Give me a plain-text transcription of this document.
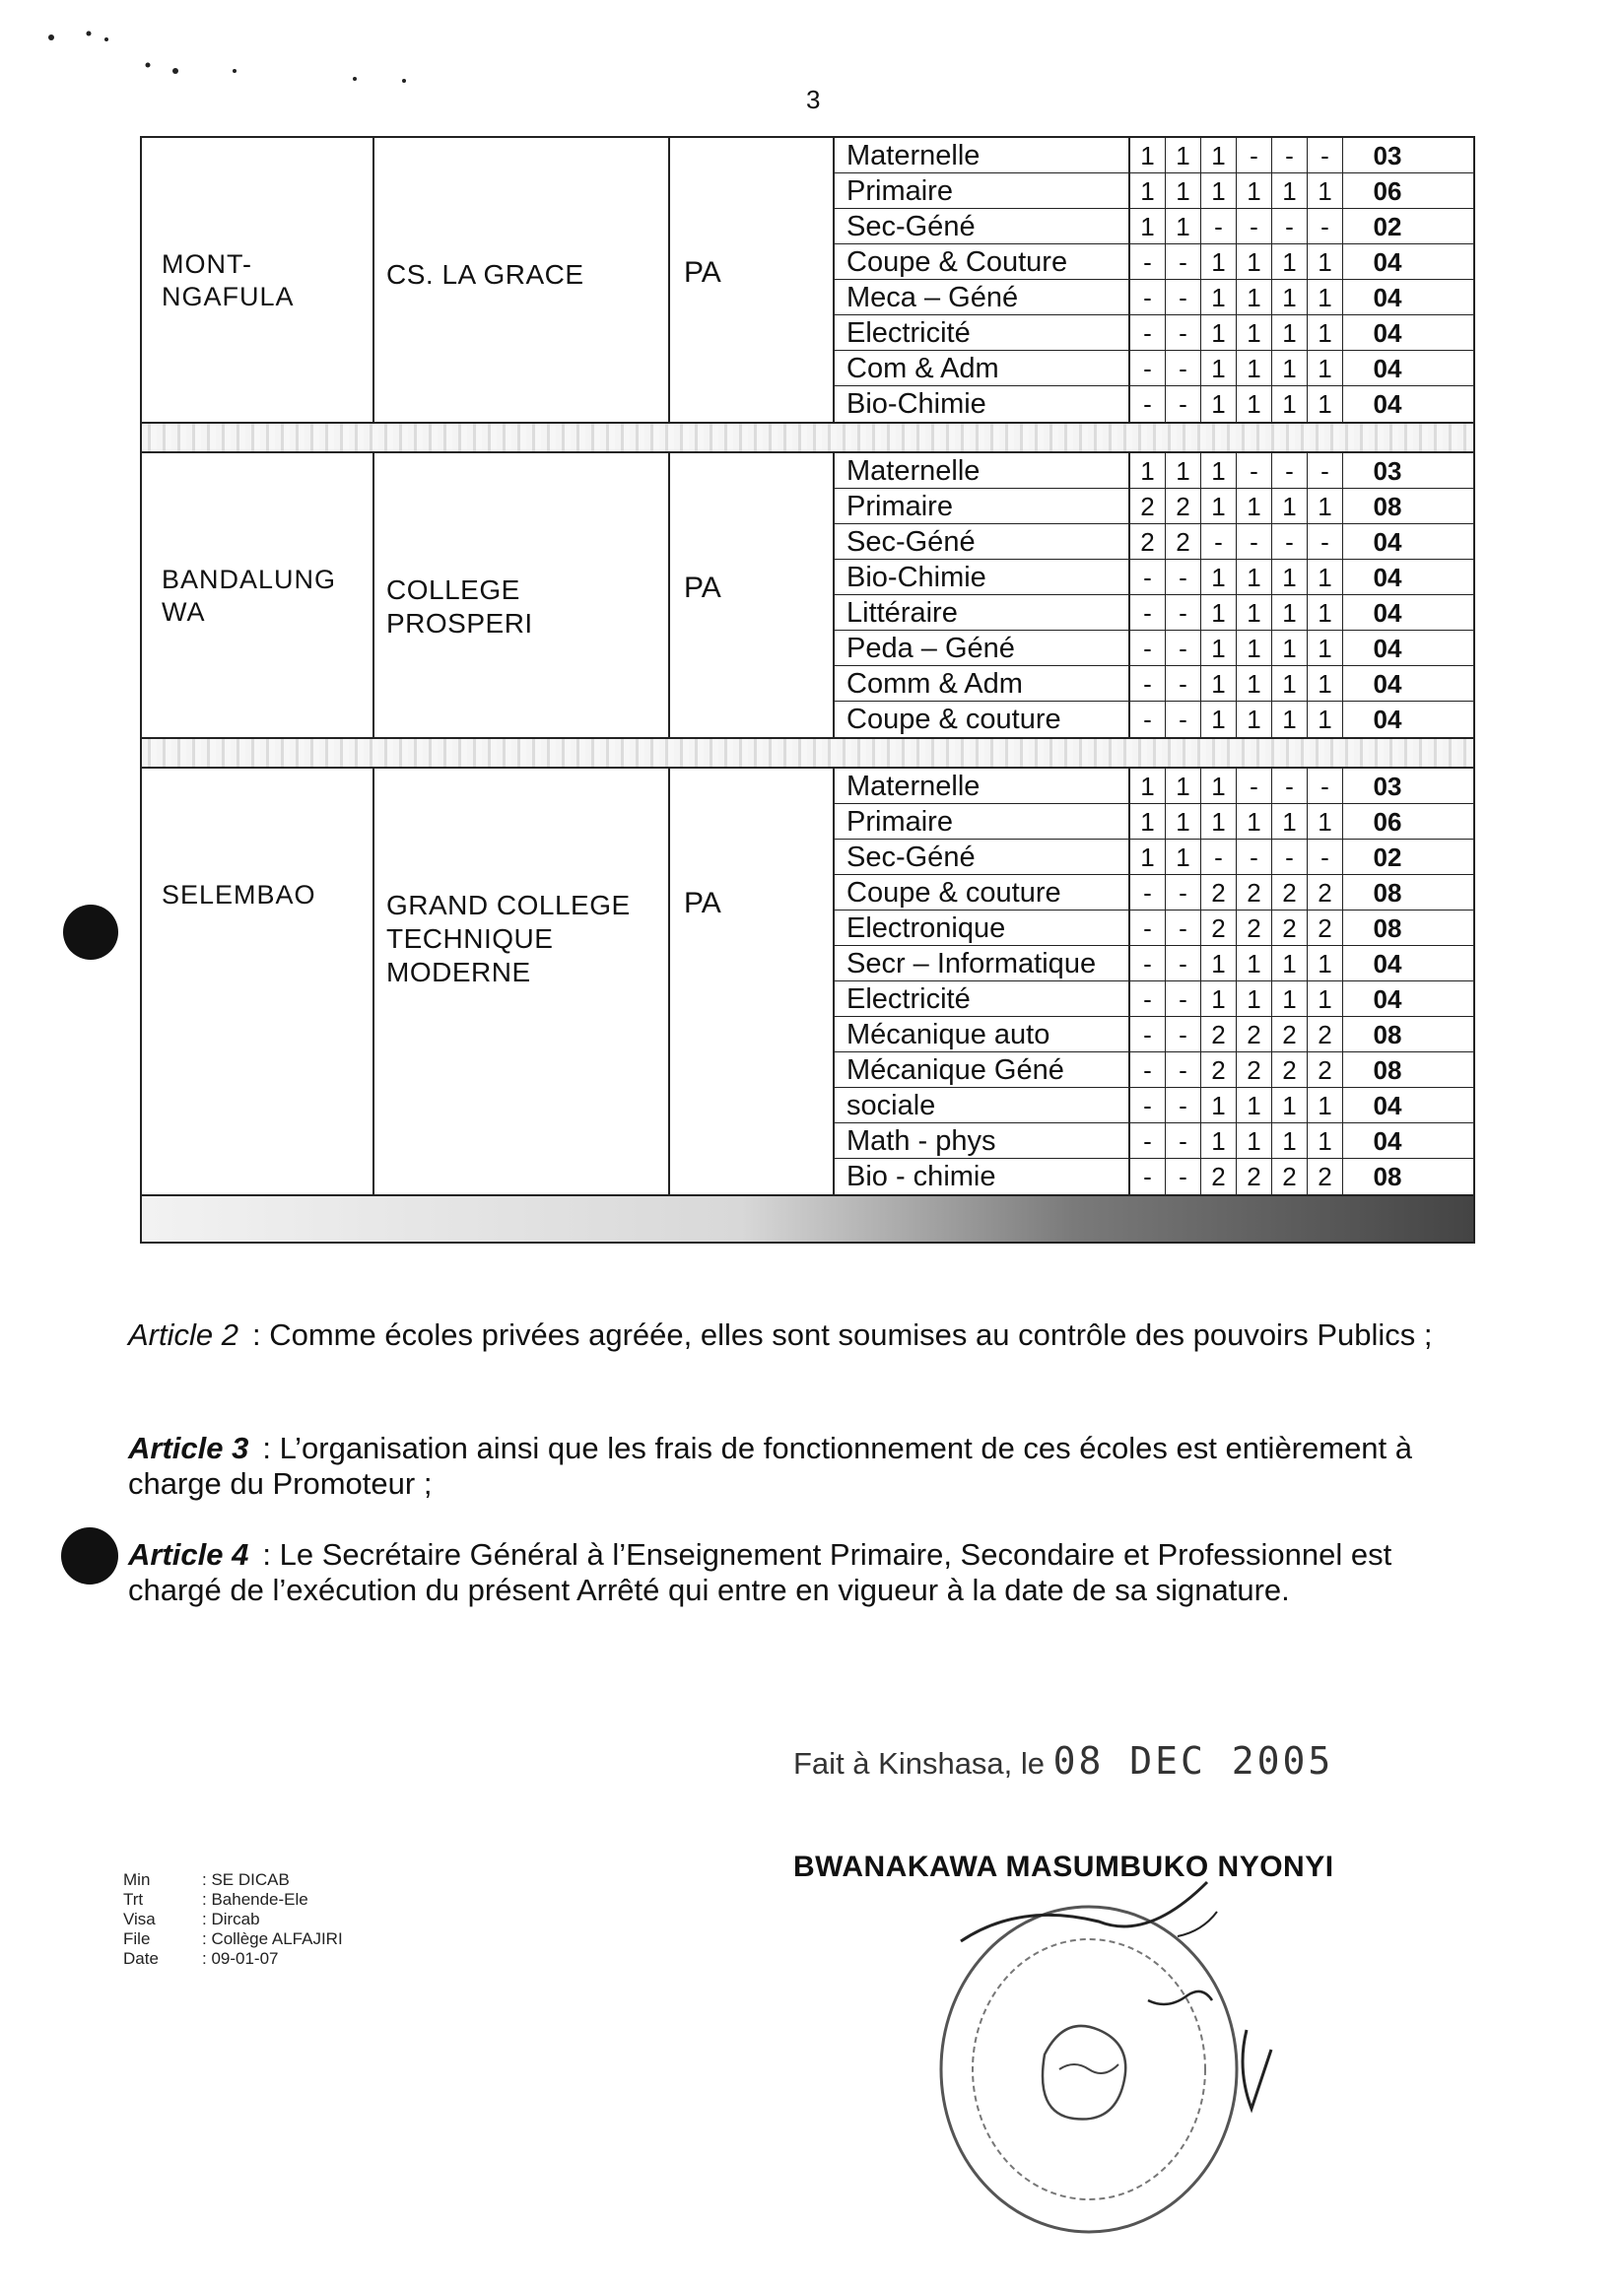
3
MONT-
NGAFULA
CS. LA GRACE	PA
Maternelle	1 1 1 -	-	-	03
Primaire	1 1 1 1 1 1	06
Sec-Géné	1 1 -	-	-	-	02
Coupe & Couture	-	- 1 1 1 1	04
Meca – Géné	-	- 1 1 1 1	04
Electricité	-	- 1 1 1 1	04
Com & Adm	-	- 1 1 1 1	04
Bio-Chimie	-	- 1 1 1 1	04
BANDALUNG
WA
COLLEGE
PROSPERI
PA
Maternelle	1 1 1 -	-	-	03
Primaire	2 2 1 1 1 1	08
Sec-Géné	2 2 -	-	-	-	04
Bio-Chimie	-	- 1 1 1 1	04
Littéraire	-	- 1 1 1 1	04
Peda – Géné	-	- 1 1 1 1	04
Comm & Adm	-	- 1 1 1 1	04
Coupe & couture	-	- 1 1 1 1	04
SELEMBAO	GRAND COLLEGE
TECHNIQUE
MODERNE
PA
Maternelle	1 1 1 -	-	-	03
Primaire	1 1 1 1 1 1	06
Sec-Géné	1 1 -	-	-	-	02
Coupe & couture	-	- 2 2 2 2	08
Electronique	-	- 2 2 2 2	08
Secr – Informatique	-	- 1 1 1 1	04
Electricité	-	- 1 1 1 1	04
Mécanique auto	-	- 2 2 2 2	08
Mécanique Géné	-	- 2 2 2 2	08
sociale	-	- 1 1 1 1	04
Math - phys	-	- 1 1 1 1	04
Bio - chimie	-	- 2 2 2 2	08
Article 2 : Comme écoles privées agréée, elles sont soumises au contrôle des pouvoirs Publics ;
Article 3 : L’organisation ainsi que les frais de fonctionnement de ces écoles est entièrement à charge du Promoteur ;
Article 4 : Le Secrétaire Général à l’Enseignement Primaire, Secondaire et Professionnel est chargé de l’exécution du présent Arrêté qui entre en vigueur à la date de sa signature.
Fait à Kinshasa, le 08 DEC 2005
BWANAKAWA MASUMBUKO NYONYI
Min	: SE DICAB
Trt	: Bahende-Ele
Visa	: Dircab
File	: Collège ALFAJIRI
Date	: 09-01-07
